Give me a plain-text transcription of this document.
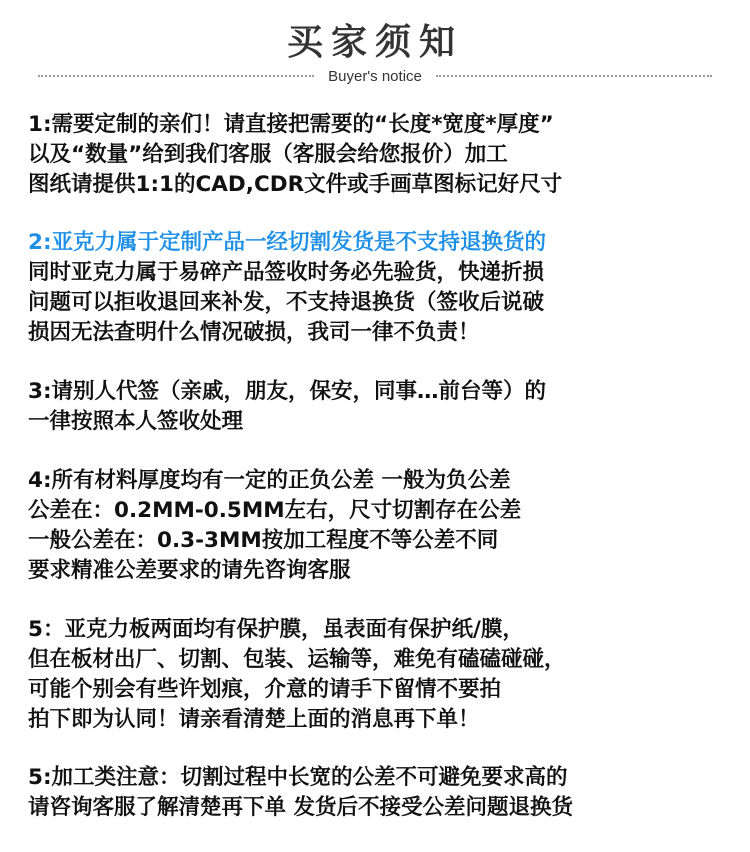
买家须知
Buyer's notice
1:需要定制的亲们！请直接把需要的“长度*宽度*厚度”
以及“数量”给到我们客服（客服会给您报价）加工
图纸请提供1:1的CAD,CDR文件或手画草图标记好尺寸
2:亚克力属于定制产品一经切割发货是不支持退换货的
同时亚克力属于易碎产品签收时务必先验货，快递折损
问题可以拒收退回来补发，不支持退换货（签收后说破
损因无法查明什么情况破损，我司一律不负责！
3:请别人代签（亲戚，朋友，保安，同事…前台等）的
一律按照本人签收处理
4:所有材料厚度均有一定的正负公差 一般为负公差
公差在：0.2MM-0.5MM左右，尺寸切割存在公差
一般公差在：0.3-3MM按加工程度不等公差不同
要求精准公差要求的请先咨询客服
5：亚克力板两面均有保护膜，虽表面有保护纸/膜，
但在板材出厂、切割、包装、运输等，难免有磕磕碰碰，
可能个别会有些许划痕，介意的请手下留情不要拍
拍下即为认同！请亲看清楚上面的消息再下单！
5:加工类注意：切割过程中长宽的公差不可避免要求高的
请咨询客服了解清楚再下单 发货后不接受公差问题退换货
